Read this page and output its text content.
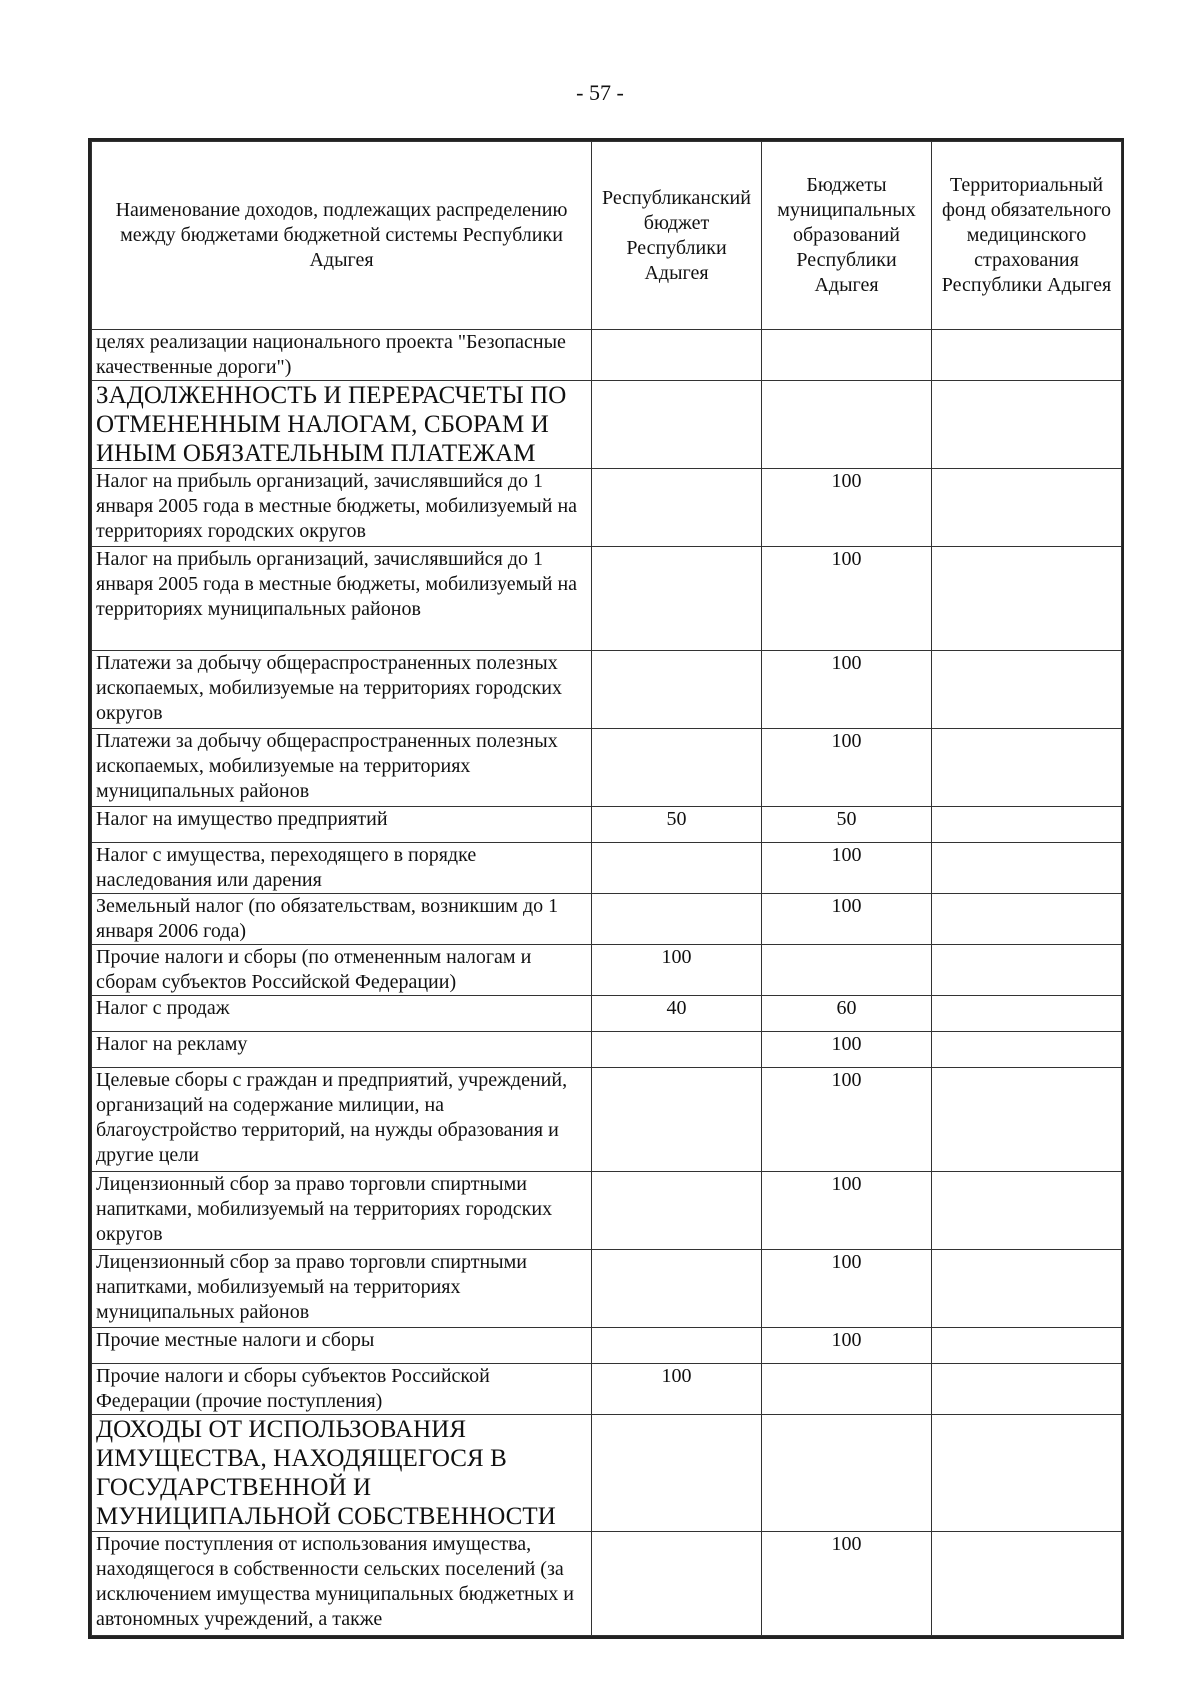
- 57 -
Наименование доходов, подлежащих распределению между бюджетами бюджетной системы Республики Адыгея	Республиканский бюджет Республики Адыгея	Бюджеты муниципальных образований Республики Адыгея	Территориальный фонд обязательного медицинского страхования Республики Адыгея
целях реализации национального проекта "Безопасные качественные дороги")			
ЗАДОЛЖЕННОСТЬ И ПЕРЕРАСЧЕТЫ ПО ОТМЕНЕННЫМ НАЛОГАМ, СБОРАМ И ИНЫМ ОБЯЗАТЕЛЬНЫМ ПЛАТЕЖАМ			
Налог на прибыль организаций, зачислявшийся до 1 января 2005 года в местные бюджеты, мобилизуемый на территориях городских округов		100	
Налог на прибыль организаций, зачислявшийся до 1 января 2005 года в местные бюджеты, мобилизуемый на территориях муниципальных районов		100	
Платежи за добычу общераспространенных полезных ископаемых, мобилизуемые на территориях городских округов		100	
Платежи за добычу общераспространенных полезных ископаемых, мобилизуемые на территориях муниципальных районов		100	
Налог на имущество предприятий	50	50	
Налог с имущества, переходящего в порядке наследования или дарения		100	
Земельный налог (по обязательствам, возникшим до 1 января 2006 года)		100	
Прочие налоги и сборы (по отмененным налогам и сборам субъектов Российской Федерации)	100		
Налог с продаж	40	60	
Налог на рекламу		100	
Целевые сборы с граждан и предприятий, учреждений, организаций на содержание милиции, на благоустройство территорий, на нужды образования и другие цели		100	
Лицензионный сбор за право торговли спиртными напитками, мобилизуемый на территориях городских округов		100	
Лицензионный сбор за право торговли спиртными напитками, мобилизуемый на территориях муниципальных районов		100	
Прочие местные налоги и сборы		100	
Прочие налоги и сборы субъектов Российской Федерации (прочие поступления)	100		
ДОХОДЫ ОТ ИСПОЛЬЗОВАНИЯ ИМУЩЕСТВА, НАХОДЯЩЕГОСЯ В ГОСУДАРСТВЕННОЙ И МУНИЦИПАЛЬНОЙ СОБСТВЕННОСТИ			
Прочие поступления от использования имущества, находящегося в собственности сельских поселений (за исключением имущества муниципальных бюджетных и автономных учреждений, а также		100	
